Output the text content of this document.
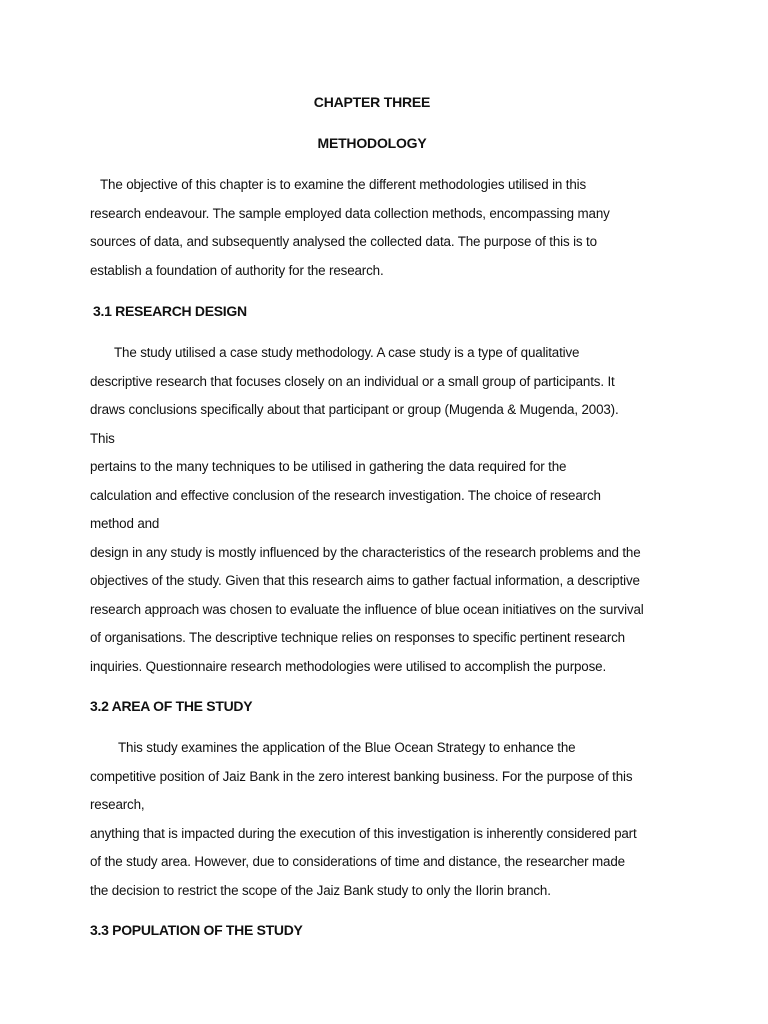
CHAPTER THREE
METHODOLOGY
The objective of this chapter is to examine the different methodologies utilised in this
research endeavour. The sample employed data collection methods, encompassing many
sources of data, and subsequently analysed the collected data. The purpose of this is to
establish a foundation of authority for the research.
3.1 RESEARCH DESIGN
The study utilised a case study methodology. A case study is a type of qualitative
descriptive research that focuses closely on an individual or a small group of participants. It
draws conclusions specifically about that participant or group (Mugenda & Mugenda, 2003).
This
pertains to the many techniques to be utilised in gathering the data required for the
calculation and effective conclusion of the research investigation. The choice of research
method and
design in any study is mostly influenced by the characteristics of the research problems and the
objectives of the study. Given that this research aims to gather factual information, a descriptive
research approach was chosen to evaluate the influence of blue ocean initiatives on the survival
of organisations. The descriptive technique relies on responses to specific pertinent research
inquiries. Questionnaire research methodologies were utilised to accomplish the purpose.
3.2 AREA OF THE STUDY
This study examines the application of the Blue Ocean Strategy to enhance the
competitive position of Jaiz Bank in the zero interest banking business. For the purpose of this
research,
anything that is impacted during the execution of this investigation is inherently considered part
of the study area. However, due to considerations of time and distance, the researcher made
the decision to restrict the scope of the Jaiz Bank study to only the Ilorin branch.
3.3 POPULATION OF THE STUDY
